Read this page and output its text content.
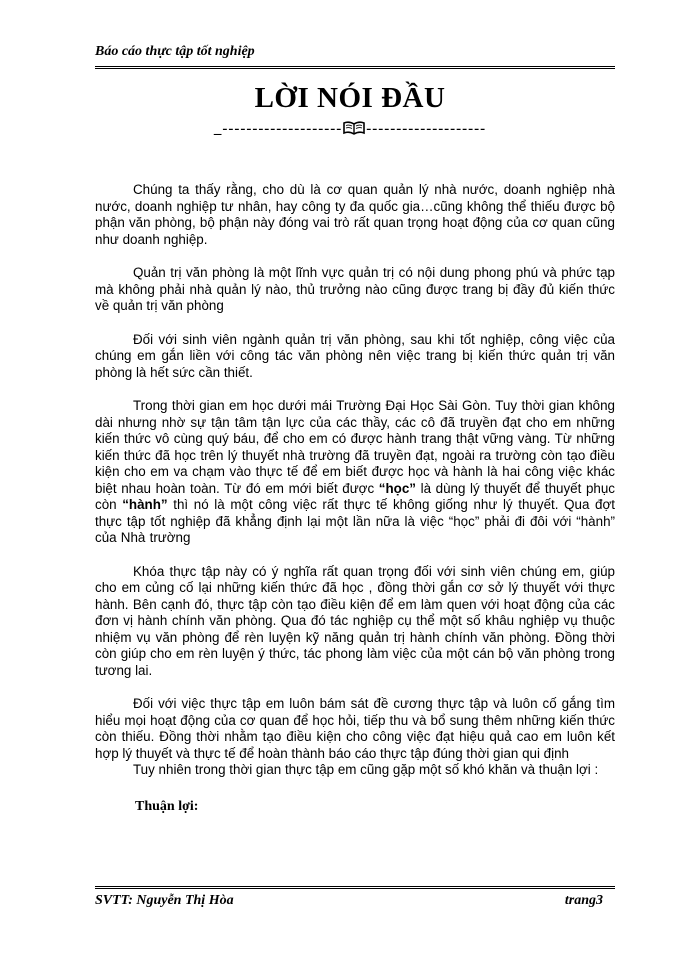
Báo cáo thực tập tốt nghiệp
LỜI NÓI ĐẦU
_-------------------- --------------------

Chúng ta thấy rằng, cho dù là cơ quan quản lý nhà nước, doanh nghiệp nhà nước, doanh nghiệp tư nhân, hay công ty đa quốc gia…cũng không thể thiếu được bộ phận văn phòng, bộ phận này đóng vai trò rất quan trọng hoạt động của cơ quan cũng như doanh nghiệp.

Quản trị văn phòng là một lĩnh vực quản trị có nội dung phong phú và phức tạp mà không phải nhà quản lý nào, thủ trưởng nào cũng được trang bị đầy đủ kiến thức về quản trị văn phòng

Đối với sinh viên ngành quản trị văn phòng, sau khi tốt nghiệp, công việc của chúng em gắn liền với công tác văn phòng nên việc trang bị kiến thức quản trị văn phòng là hết sức cần thiết.

Trong thời gian em học dưới mái Trường Đại Học Sài Gòn. Tuy thời gian không dài nhưng nhờ sự tận tâm tận lực của các thầy, các cô đã truyền đạt cho em những kiến thức vô cùng quý báu, để cho em có được hành trang thật vững vàng. Từ những kiến thức đã học trên lý thuyết nhà trường đã truyền đạt, ngoài ra trường còn tạo điều kiện cho em va chạm vào thực tế để em biết được học và hành là hai công việc khác biệt nhau hoàn toàn. Từ đó em mới biết được “học” là dùng lý thuyết để thuyết phục còn “hành” thì nó là một công việc rất thực tế không giống như lý thuyết. Qua đợt thực tập tốt nghiệp đã khẳng định lại một lần nữa là việc “học” phải đi đôi với “hành” của Nhà trường

Khóa thực tập này có ý nghĩa rất quan trọng đối với sinh viên chúng em, giúp cho em củng cố lại những kiến thức đã học , đồng thời gắn cơ sở lý thuyết với thực hành. Bên cạnh đó, thực tập còn tạo điều kiện để em làm quen với hoạt động của các đơn vị hành chính văn phòng. Qua đó tác nghiệp cụ thể một số khâu nghiệp vụ thuộc nhiệm vụ văn phòng để rèn luyện kỹ năng quản trị hành chính văn phòng. Đồng thời còn giúp cho em rèn luyện ý thức, tác phong làm việc của một cán bộ văn phòng trong tương lai.

Đối với việc thực tập em luôn bám sát đề cương thực tập và luôn cố gắng tìm hiểu mọi hoạt động của cơ quan để học hỏi, tiếp thu và bổ sung thêm những kiến thức còn thiếu. Đồng thời nhằm tạo điều kiện cho công việc đạt hiệu quả cao em luôn kết hợp lý thuyết và thực tế để hoàn thành báo cáo thực tập đúng thời gian qui định

Tuy nhiên trong thời gian thực tập em cũng gặp một số khó khăn và thuận lợi :

Thuận lợi:
SVTT: Nguyễn Thị Hòa	trang3
